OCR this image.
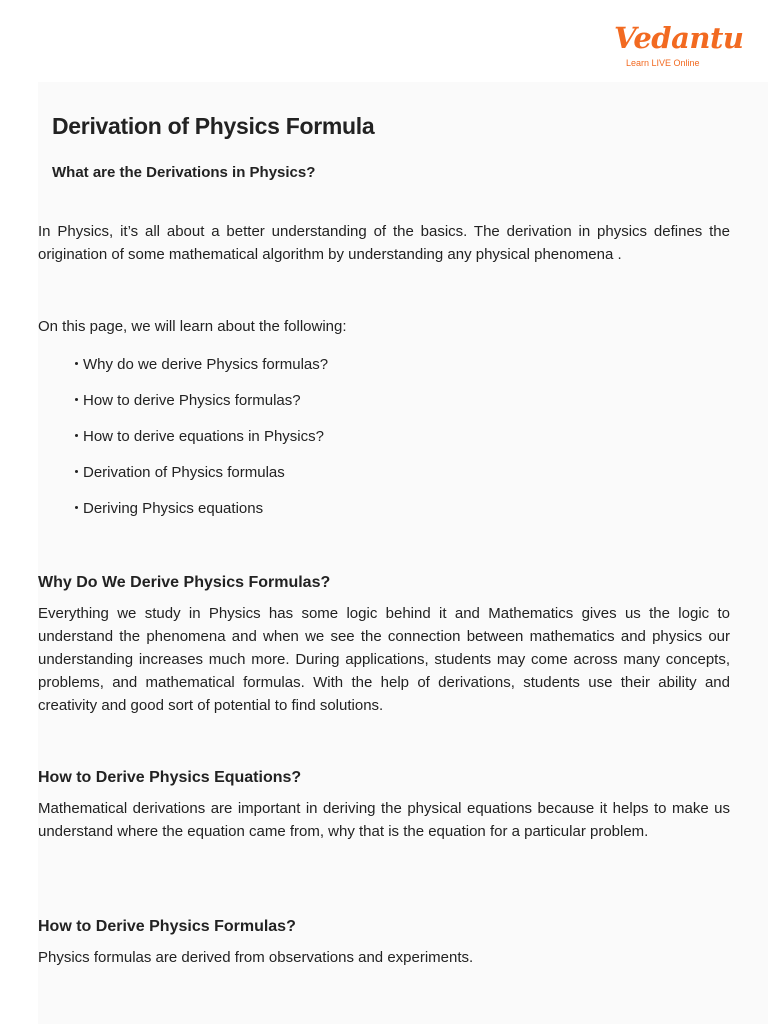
Vedantu
Learn LIVE Online
Derivation of Physics Formula
What are the Derivations in Physics?

In Physics, it’s all about a better understanding of the basics. The derivation in physics defines the origination of some mathematical algorithm by understanding any physical phenomena .

On this page, we will learn about the following:

Why do we derive Physics formulas?
How to derive Physics formulas?
How to derive equations in Physics?
Derivation of Physics formulas
Deriving Physics equations
Why Do We Derive Physics Formulas?

Everything we study in Physics has some logic behind it and Mathematics gives us the logic to understand the phenomena and when we see the connection between mathematics and physics our understanding increases much more. During applications, students may come across many concepts, problems, and mathematical formulas. With the help of derivations, students use their ability and creativity and good sort of potential to find solutions.

How to Derive Physics Equations?

Mathematical derivations are important in deriving the physical equations because it helps to make us understand where the equation came from, why that is the equation for a particular problem.

How to Derive Physics Formulas?

Physics formulas are derived from observations and experiments.
